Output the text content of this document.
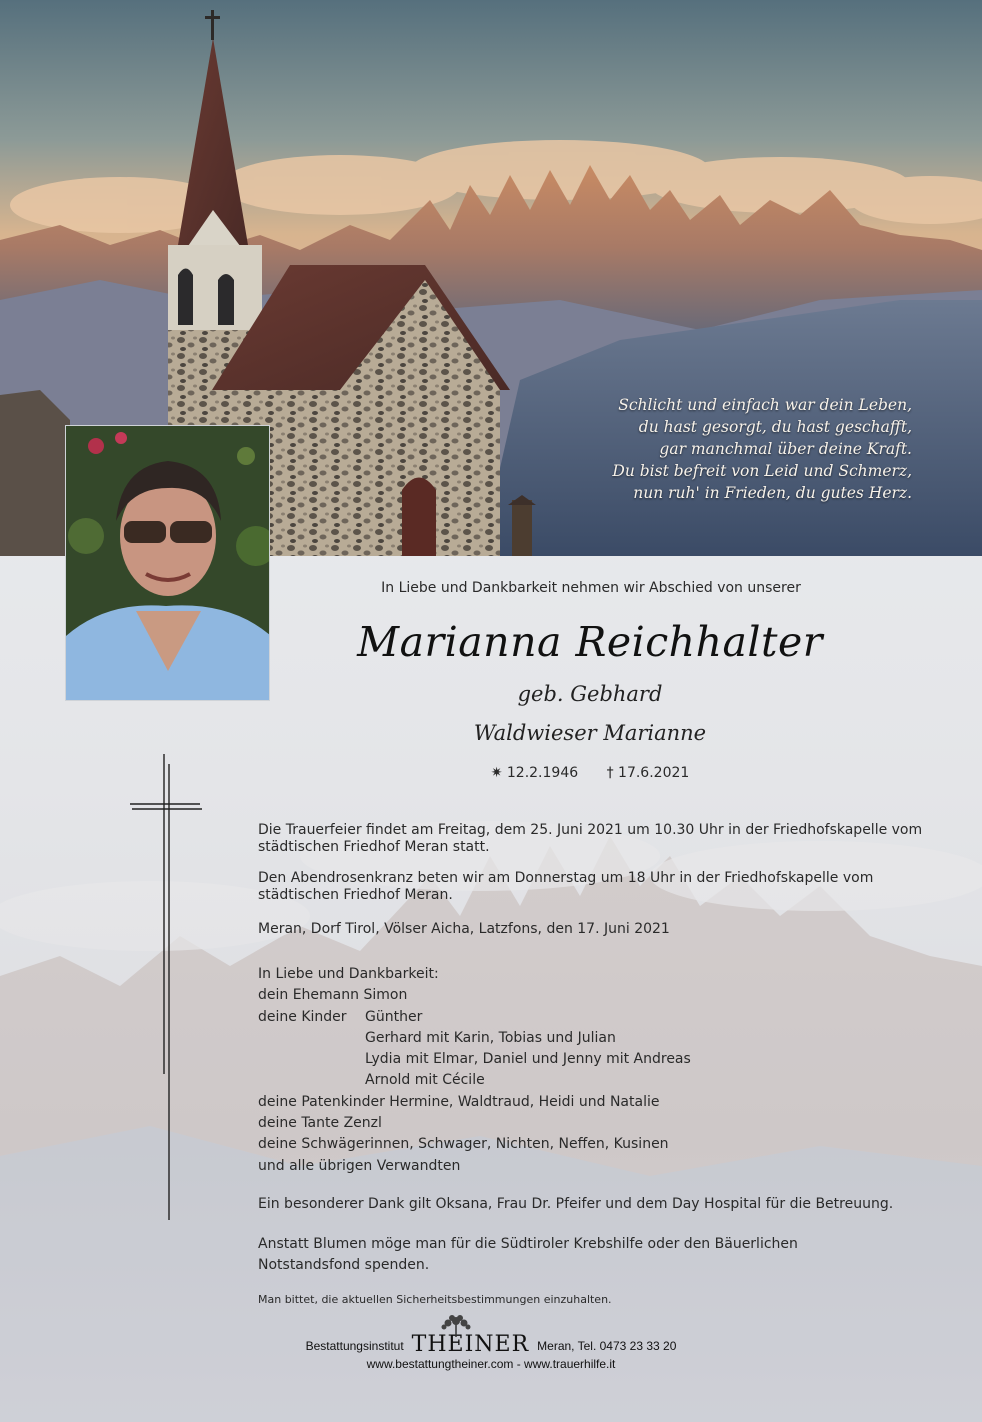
Schlicht und einfach war dein Leben,
du hast gesorgt, du hast geschafft,
gar manchmal über deine Kraft.
Du bist befreit von Leid und Schmerz,
nun ruh' in Frieden, du gutes Herz.
In Liebe und Dankbarkeit nehmen wir Abschied von unserer
Marianna Reichhalter
geb. Gebhard
Waldwieser Marianne
✷ 12.2.1946 † 17.6.2021
Die Trauerfeier findet am Freitag, dem 25. Juni 2021 um 10.30 Uhr in der Friedhofskapelle vom städtischen Friedhof Meran statt.
Den Abendrosenkranz beten wir am Donnerstag um 18 Uhr in der Friedhofskapelle vom städtischen Friedhof Meran.
Meran, Dorf Tirol, Völser Aicha, Latzfons, den 17. Juni 2021
In Liebe und Dankbarkeit:
dein Ehemann Simon
deine Kinder	Günther
Gerhard mit Karin, Tobias und Julian
Lydia mit Elmar, Daniel und Jenny mit Andreas
Arnold mit Cécile
deine Patenkinder Hermine, Waldtraud, Heidi und Natalie
deine Tante Zenzl
deine Schwägerinnen, Schwager, Nichten, Neffen, Kusinen
und alle übrigen Verwandten
Ein besonderer Dank gilt Oksana, Frau Dr. Pfeifer und dem Day Hospital für die Betreuung.
Anstatt Blumen möge man für die Südtiroler Krebshilfe oder den Bäuerlichen Notstandsfond spenden.
Man bittet, die aktuellen Sicherheitsbestimmungen einzuhalten.
Bestattungsinstitut THEINER Meran, Tel. 0473 23 33 20
www.bestattungtheiner.com - www.trauerhilfe.it
